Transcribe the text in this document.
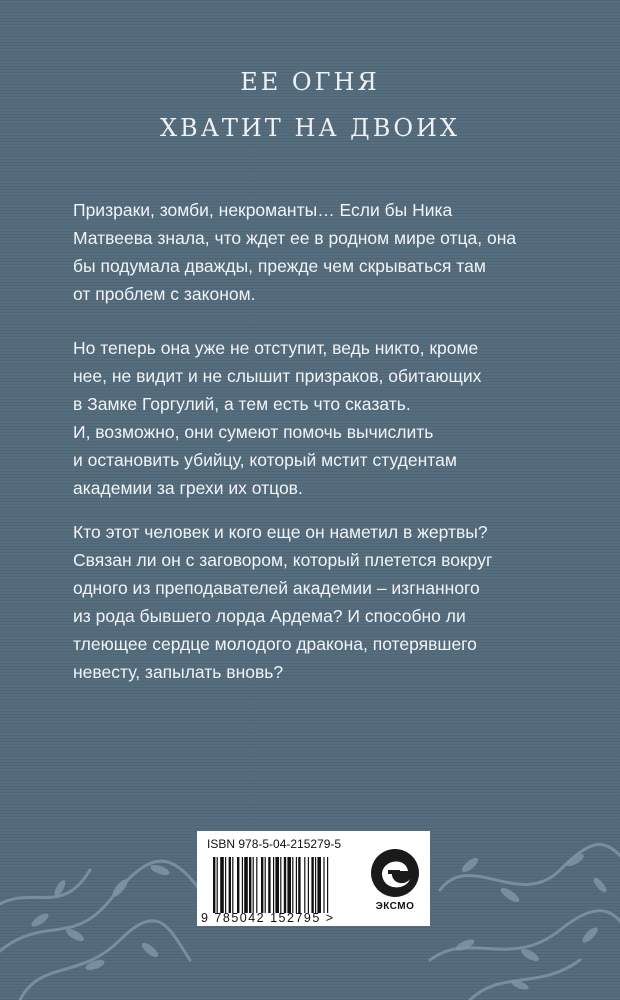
ЕЕ ОГНЯ
ХВАТИТ НА ДВОИХ

Призраки, зомби, некроманты… Если бы Ника
Матвеева знала, что ждет ее в родном мире отца, она
бы подумала дважды, прежде чем скрываться там
от проблем с законом.

Но теперь она уже не отступит, ведь никто, кроме
нее, не видит и не слышит призраков, обитающих
в Замке Горгулий, а тем есть что сказать.
И, возможно, они сумеют помочь вычислить
и остановить убийцу, который мстит студентам
академии за грехи их отцов.

Кто этот человек и кого еще он наметил в жертвы?
Связан ли он с заговором, который плетется вокруг
одного из преподавателей академии – изгнанного
из рода бывшего лорда Ардема? И способно ли
тлеющее сердце молодого дракона, потерявшего
невесту, запылать вновь?

ISBN 978-5-04-215279-5
9 785042 152795 >
ЭКСМО
